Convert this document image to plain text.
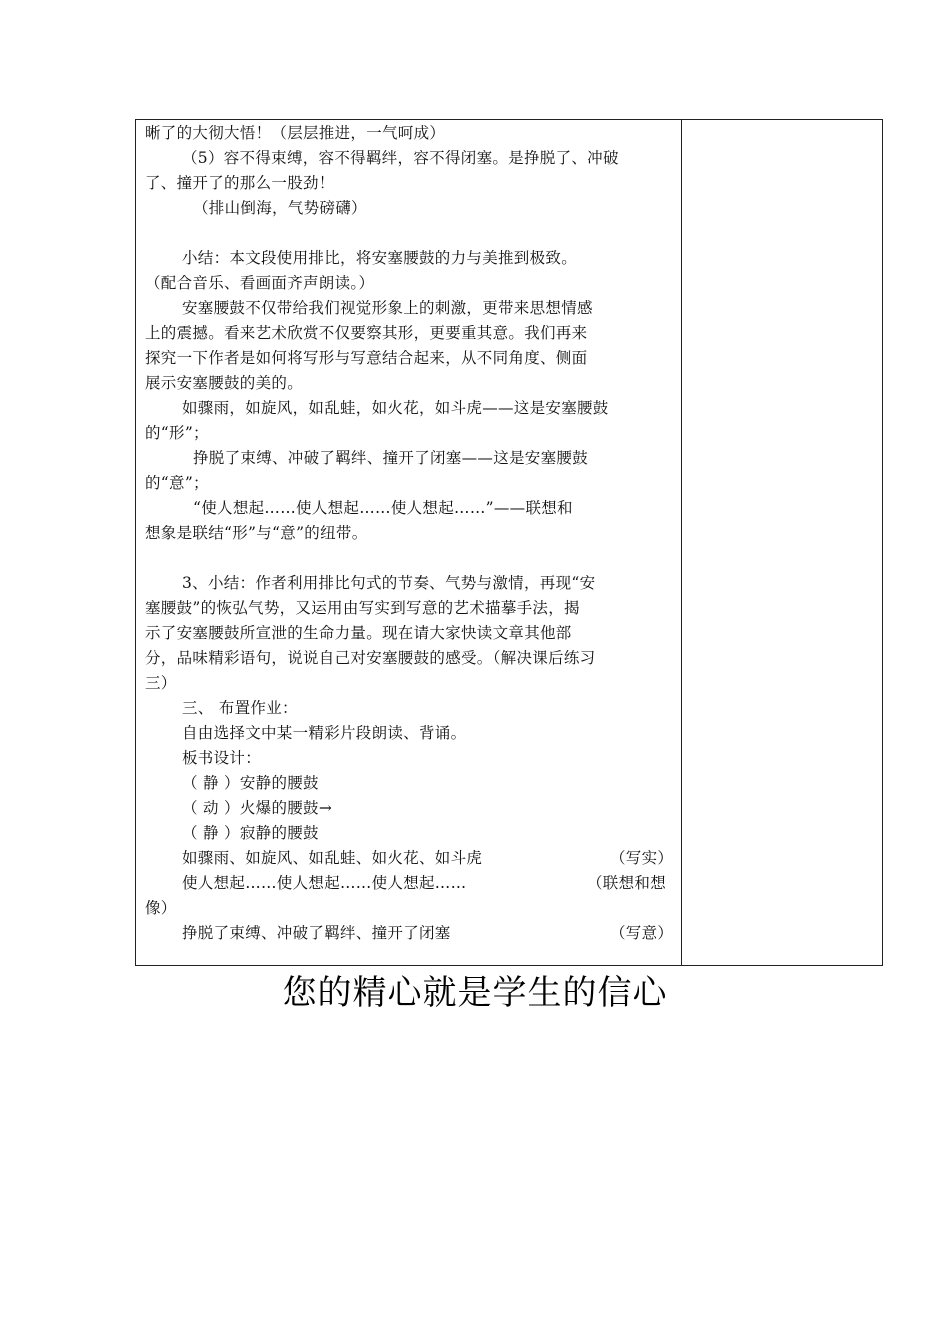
晰了的大彻大悟！（层层推进，一气呵成）
（5）容不得束缚，容不得羁绊，容不得闭塞。是挣脱了、冲破
了、撞开了的那么一股劲！
（排山倒海，气势磅礴）
小结：本文段使用排比，将安塞腰鼓的力与美推到极致。
（配合音乐、看画面齐声朗读。）
安塞腰鼓不仅带给我们视觉形象上的刺激，更带来思想情感
上的震撼。看来艺术欣赏不仅要察其形，更要重其意。我们再来
探究一下作者是如何将写形与写意结合起来，从不同角度、侧面
展示安塞腰鼓的美的。
如骤雨，如旋风，如乱蛙，如火花，如斗虎——这是安塞腰鼓
的“形”；
挣脱了束缚、冲破了羁绊、撞开了闭塞——这是安塞腰鼓
的“意”；
“使人想起……使人想起……使人想起……”——联想和
想象是联结“形”与“意”的纽带。
3、小结：作者利用排比句式的节奏、气势与激情，再现“安
塞腰鼓”的恢弘气势，又运用由写实到写意的艺术描摹手法，揭
示了安塞腰鼓所宣泄的生命力量。现在请大家快读文章其他部
分，品味精彩语句，说说自己对安塞腰鼓的感受。（解决课后练习
三）
三、 布置作业：
自由选择文中某一精彩片段朗读、背诵。
板书设计：
（ 静 ）安静的腰鼓
（ 动 ）火爆的腰鼓→
（ 静 ）寂静的腰鼓
如骤雨、如旋风、如乱蛙、如火花、如斗虎	（写实）
使人想起……使人想起……使人想起……	（联想和想
像）
挣脱了束缚、冲破了羁绊、撞开了闭塞	（写意）
您的精心就是学生的信心
